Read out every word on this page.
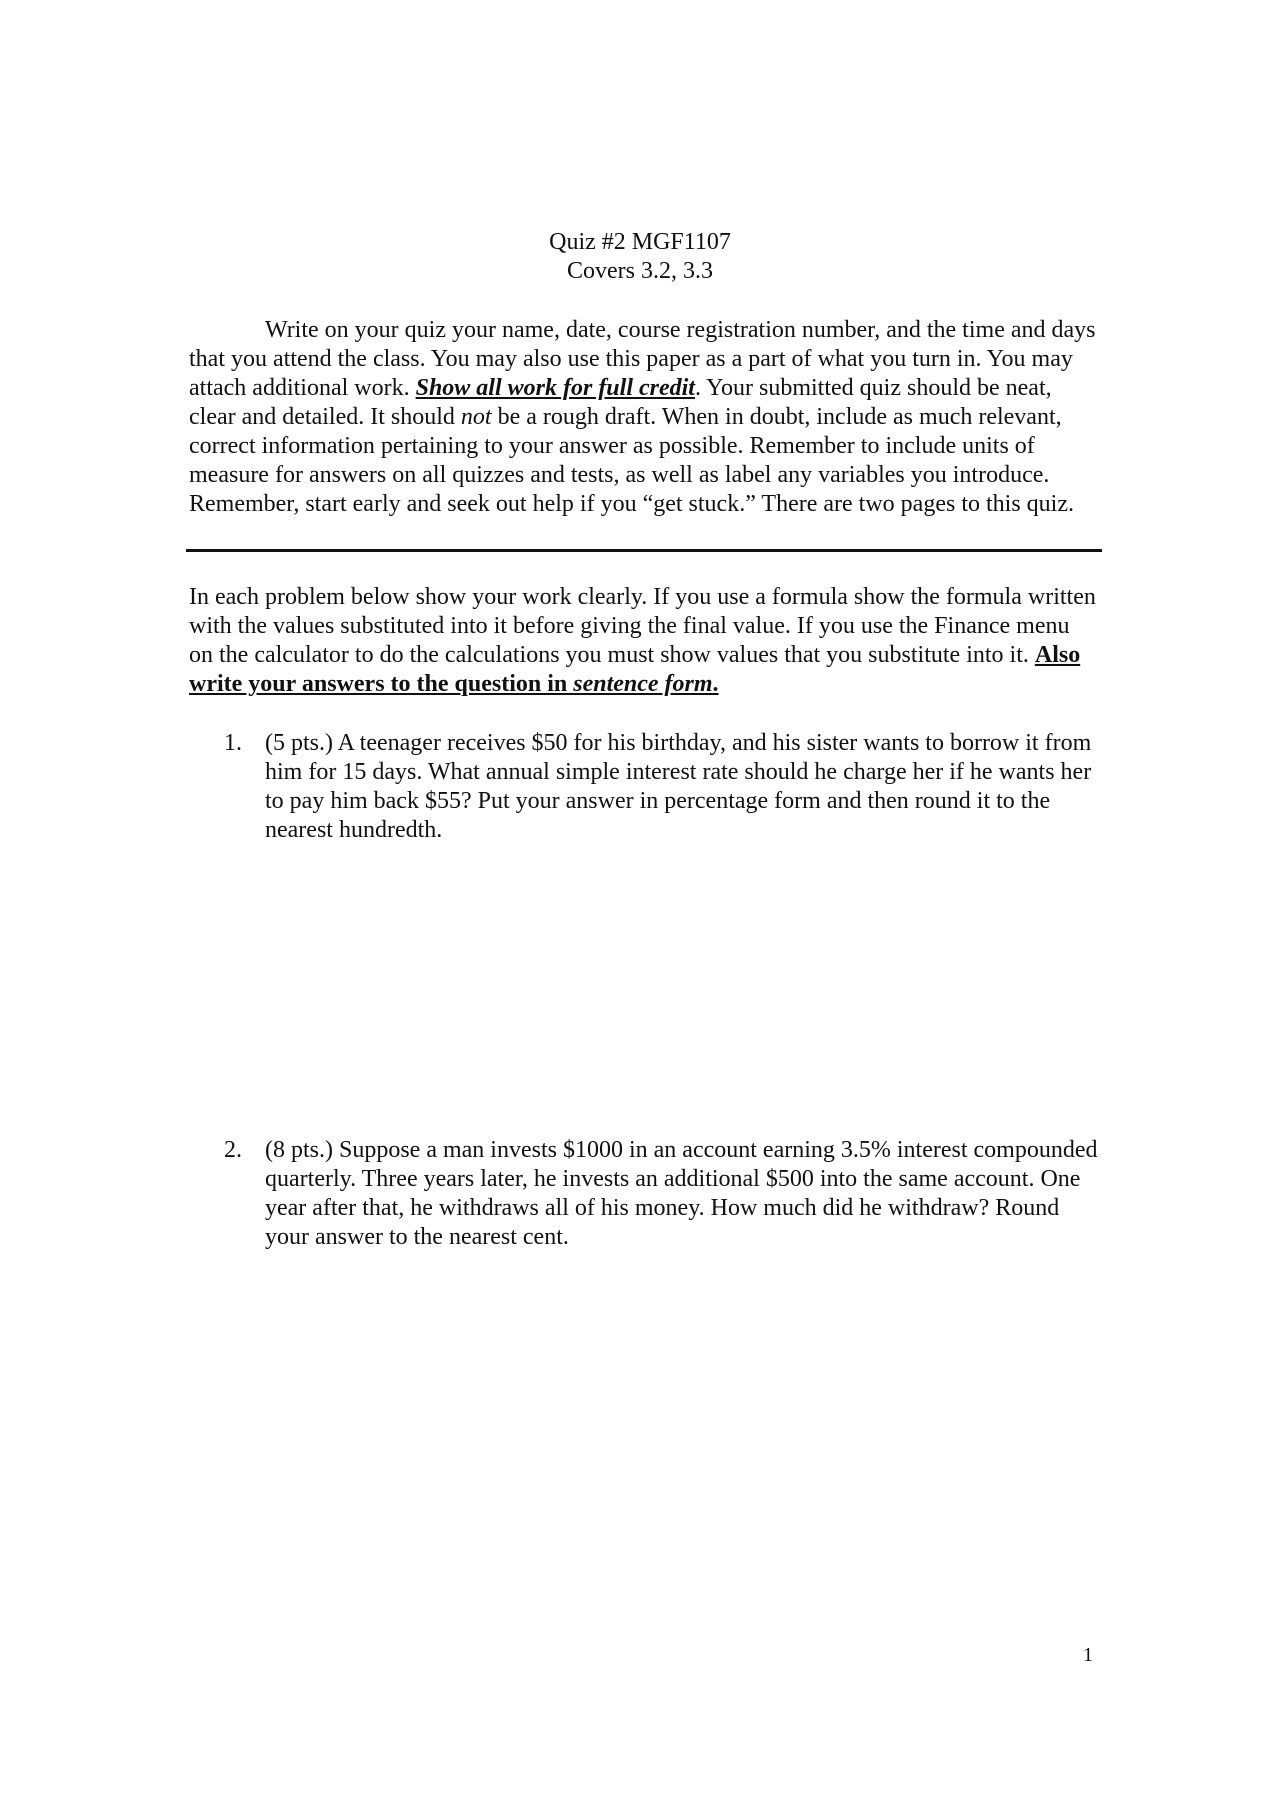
Quiz #2 MGF1107
Covers 3.2, 3.3

Write on your quiz your name, date, course registration number, and the time and days that you attend the class. You may also use this paper as a part of what you turn in. You may attach additional work. Show all work for full credit. Your submitted quiz should be neat, clear and detailed. It should not be a rough draft. When in doubt, include as much relevant, correct information pertaining to your answer as possible. Remember to include units of measure for answers on all quizzes and tests, as well as label any variables you introduce. Remember, start early and seek out help if you “get stuck.” There are two pages to this quiz.

In each problem below show your work clearly. If you use a formula show the formula written with the values substituted into it before giving the final value. If you use the Finance menu on the calculator to do the calculations you must show values that you substitute into it. Also write your answers to the question in sentence form.

1. (5 pts.) A teenager receives $50 for his birthday, and his sister wants to borrow it from him for 15 days. What annual simple interest rate should he charge her if he wants her to pay him back $55? Put your answer in percentage form and then round it to the nearest hundredth.
2. (8 pts.) Suppose a man invests $1000 in an account earning 3.5% interest compounded quarterly. Three years later, he invests an additional $500 into the same account. One year after that, he withdraws all of his money. How much did he withdraw? Round your answer to the nearest cent.
1
